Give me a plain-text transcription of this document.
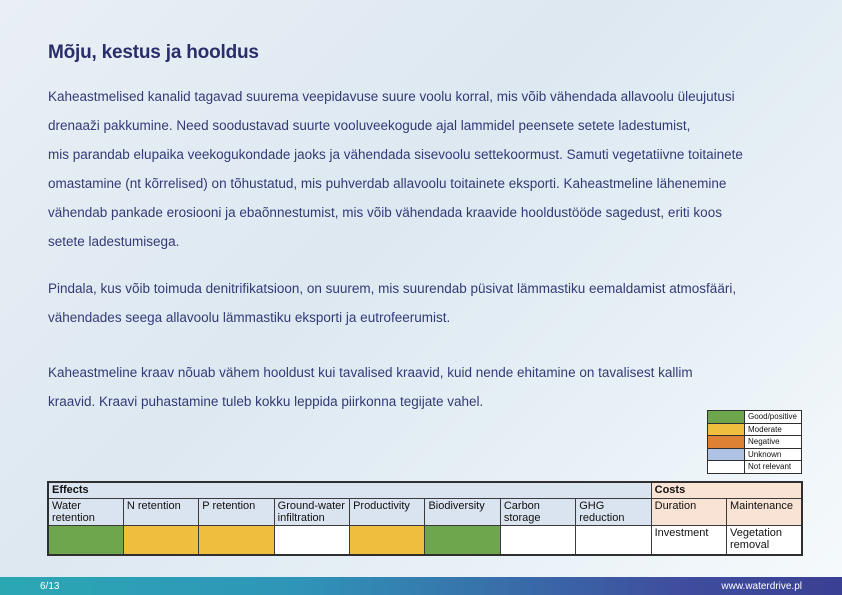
Mõju, kestus ja hooldus
Kaheastmelised kanalid tagavad suurema veepidavuse suure voolu korral, mis võib vähendada allavoolu üleujutusi
drenaaži pakkumine. Need soodustavad suurte vooluveekogude ajal lammidel peensete setete ladestumist,
mis parandab elupaika veekogukondade jaoks ja vähendada sisevoolu settekoormust. Samuti vegetatiivne toitainete
omastamine (nt kõrrelised) on tõhustatud, mis puhverdab allavoolu toitainete eksporti. Kaheastmeline lähenemine
vähendab pankade erosiooni ja ebaõnnestumist, mis võib vähendada kraavide hooldustööde sagedust, eriti koos
setete ladestumisega.
Pindala, kus võib toimuda denitrifikatsioon, on suurem, mis suurendab püsivat lämmastiku eemaldamist atmosfääri,
vähendades seega allavoolu lämmastiku eksporti ja eutrofeerumist.
Kaheastmeline kraav nõuab vähem hooldust kui tavalised kraavid, kuid nende ehitamine on tavalisest kallim
kraavid. Kraavi puhastamine tuleb kokku leppida piirkonna tegijate vahel.
Good/positive
Moderate
Negative
Unknown
Not relevant
Effects								Costs	
Water retention	N retention	P retention	Ground-water infiltration	Productivity	Biodiversity	Carbon storage	GHG reduction	Duration	Maintenance
								Investment	Vegetation removal
6/13	www.waterdrive.pl
